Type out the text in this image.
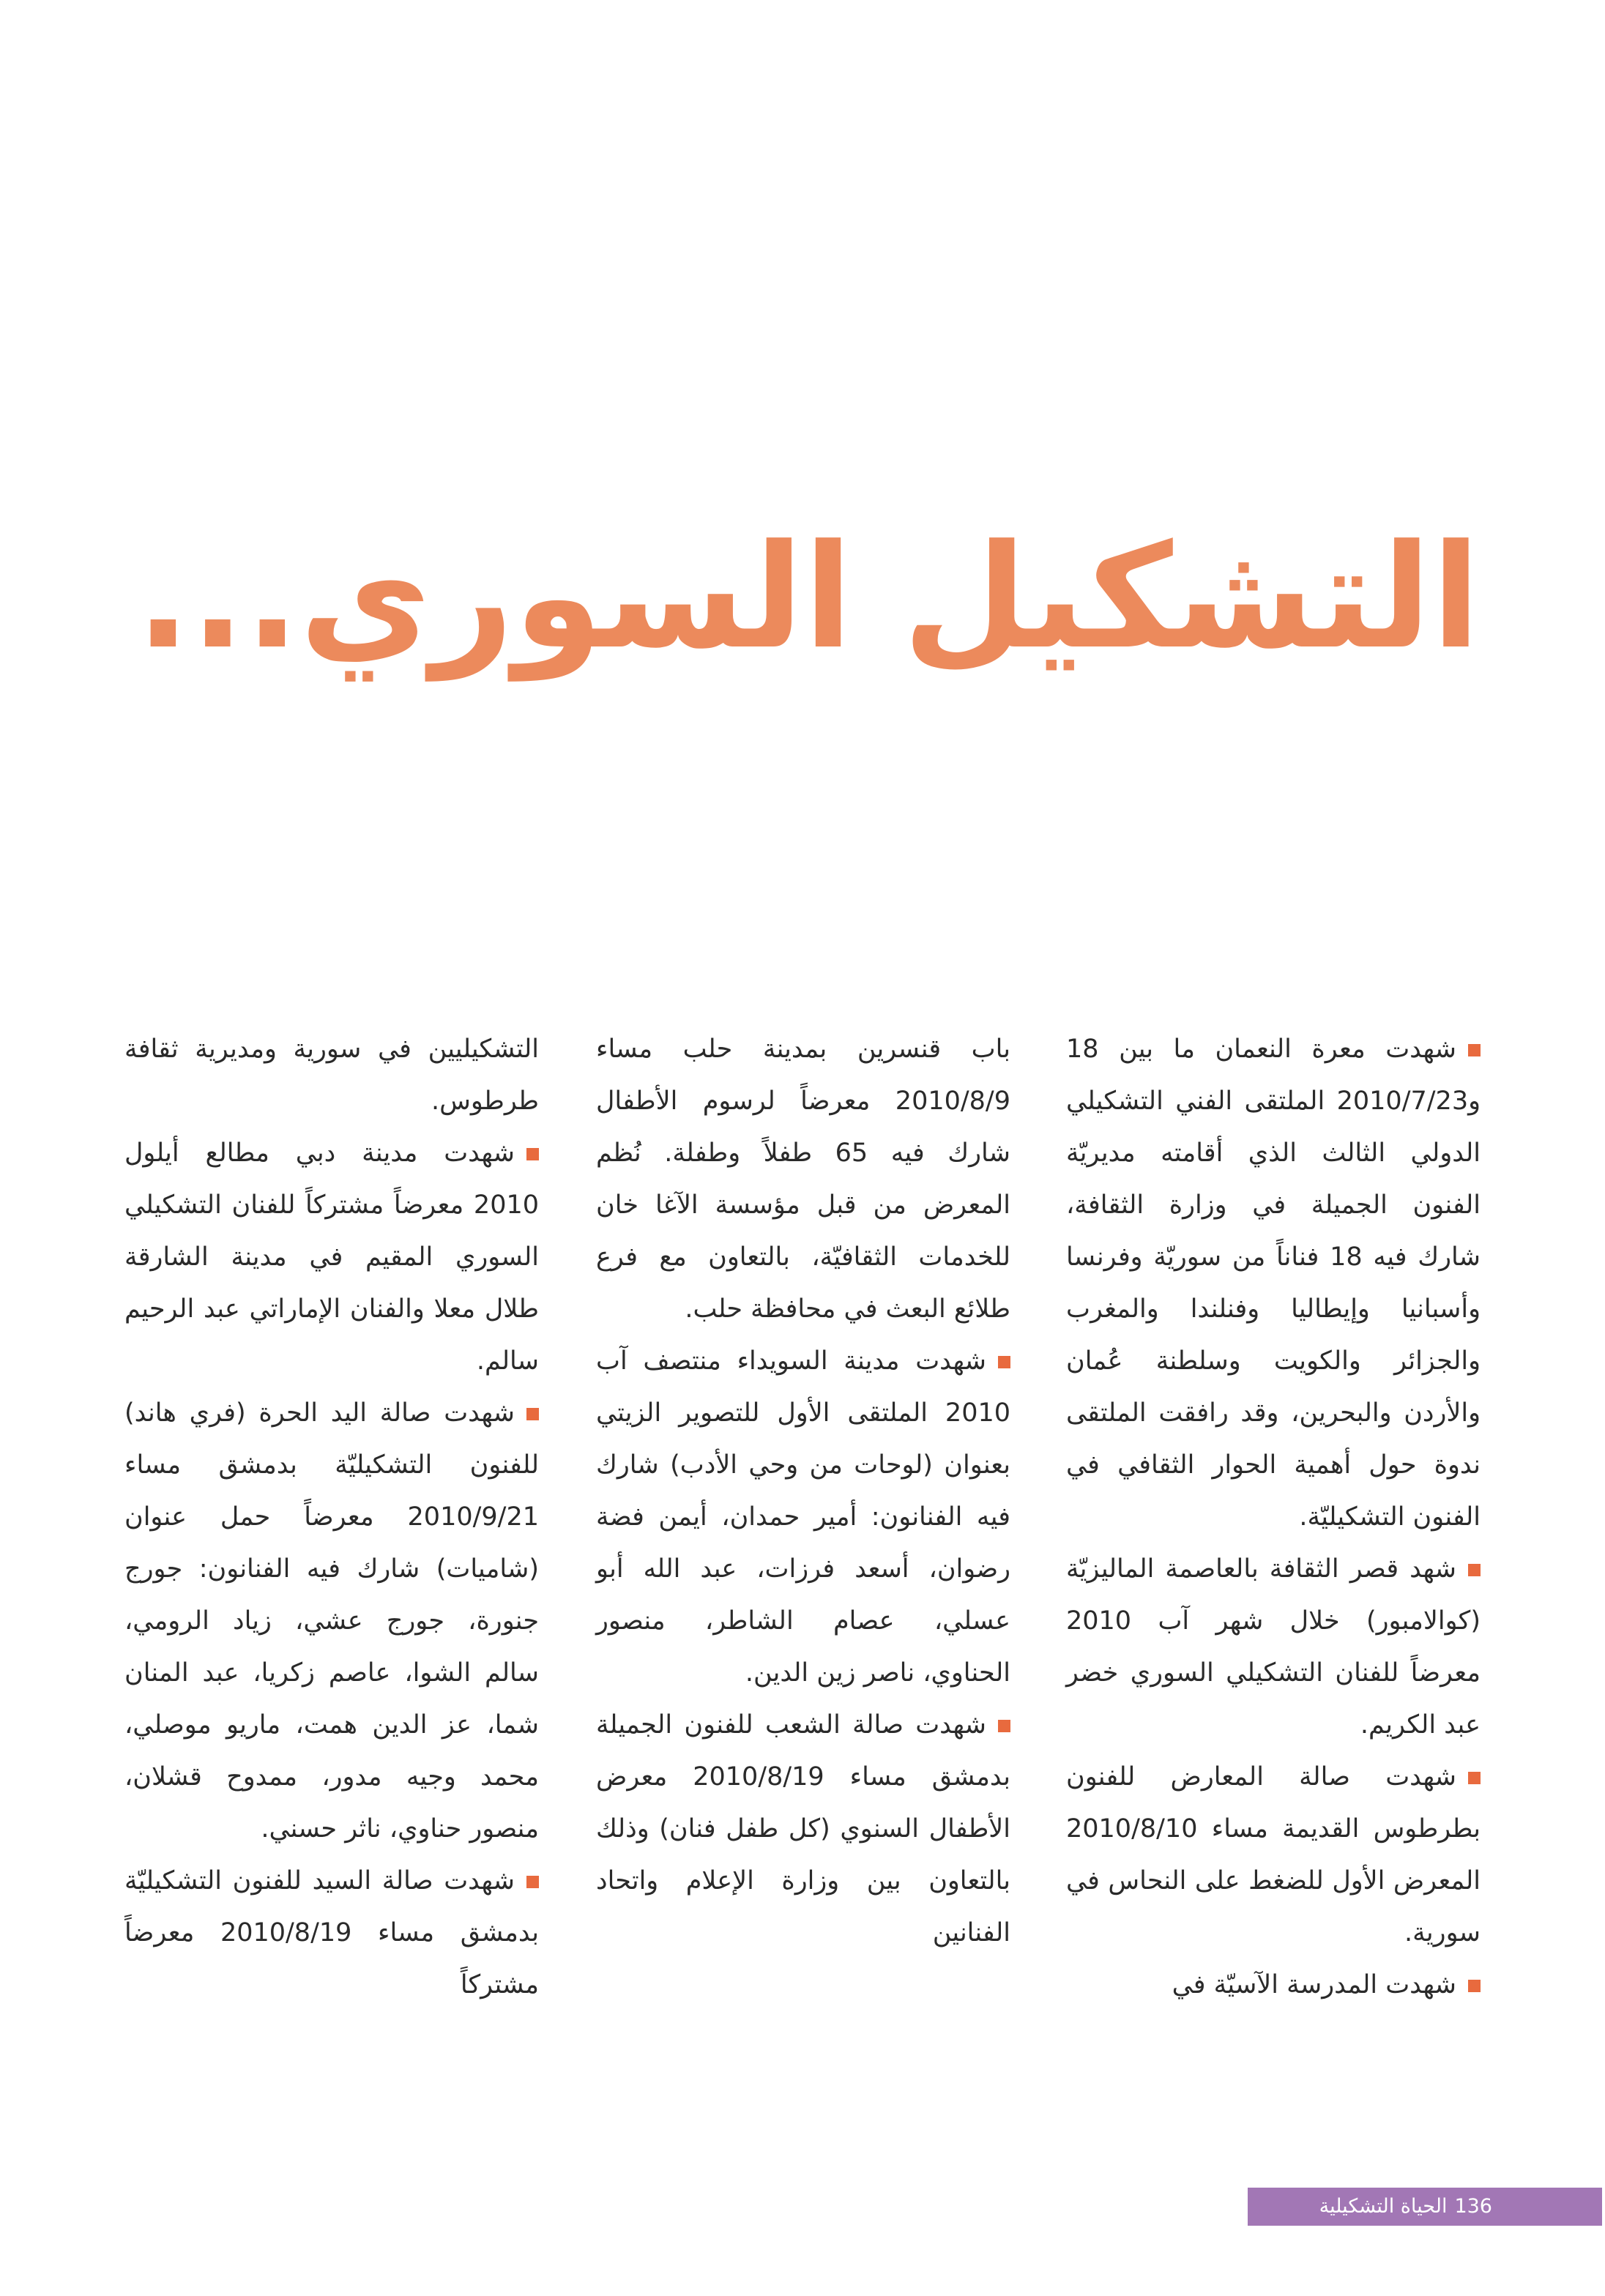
التشكيل السوري...

شهدت معرة النعمان ما بين 18 و2010/7/23 الملتقى الفني التشكيلي الدولي الثالث الذي أقامته مديريّة الفنون الجميلة في وزارة الثقافة، شارك فيه 18 فناناً من سوريّة وفرنسا وأسبانيا وإيطاليا وفنلندا والمغرب والجزائر والكويت وسلطنة عُمان والأردن والبحرين، وقد رافقت الملتقى ندوة حول أهمية الحوار الثقافي في الفنون التشكيليّة.

شهد قصر الثقافة بالعاصمة الماليزيّة (كوالامبور) خلال شهر آب 2010 معرضاً للفنان التشكيلي السوري خضر عبد الكريم.

شهدت صالة المعارض للفنون بطرطوس القديمة مساء 2010/8/10 المعرض الأول للضغط على النحاس في سورية.

شهدت المدرسة الآسيّة في

باب قنسرين بمدينة حلب مساء 2010/8/9 معرضاً لرسوم الأطفال شارك فيه 65 طفلاً وطفلة. نُظم المعرض من قبل مؤسسة الآغا خان للخدمات الثقافيّة، بالتعاون مع فرع طلائع البعث في محافظة حلب.

شهدت مدينة السويداء منتصف آب 2010 الملتقى الأول للتصوير الزيتي بعنوان (لوحات من وحي الأدب) شارك فيه الفنانون: أمير حمدان، أيمن فضة رضوان، أسعد فرزات، عبد الله أبو عسلي، عصام الشاطر، منصور الحناوي، ناصر زين الدين.

شهدت صالة الشعب للفنون الجميلة بدمشق مساء 2010/8/19 معرض الأطفال السنوي (كل طفل فنان) وذلك بالتعاون بين وزارة الإعلام واتحاد الفنانين

التشكيليين في سورية ومديرية ثقافة طرطوس.

شهدت مدينة دبي مطالع أيلول 2010 معرضاً مشتركاً للفنان التشكيلي السوري المقيم في مدينة الشارقة طلال معلا والفنان الإماراتي عبد الرحيم سالم.

شهدت صالة اليد الحرة (فري هاند) للفنون التشكيليّة بدمشق مساء 2010/9/21 معرضاً حمل عنوان (شاميات) شارك فيه الفنانون: جورج جنورة، جورج عشي، زياد الرومي، سالم الشوا، عاصم زكريا، عبد المنان شما، عز الدين همت، ماريو موصلي، محمد وجيه مدور، ممدوح قشلان، منصور حناوي، ناثر حسني.

شهدت صالة السيد للفنون التشكيليّة بدمشق مساء 2010/8/19 معرضاً مشتركاً

136الحياة التشكيلية
